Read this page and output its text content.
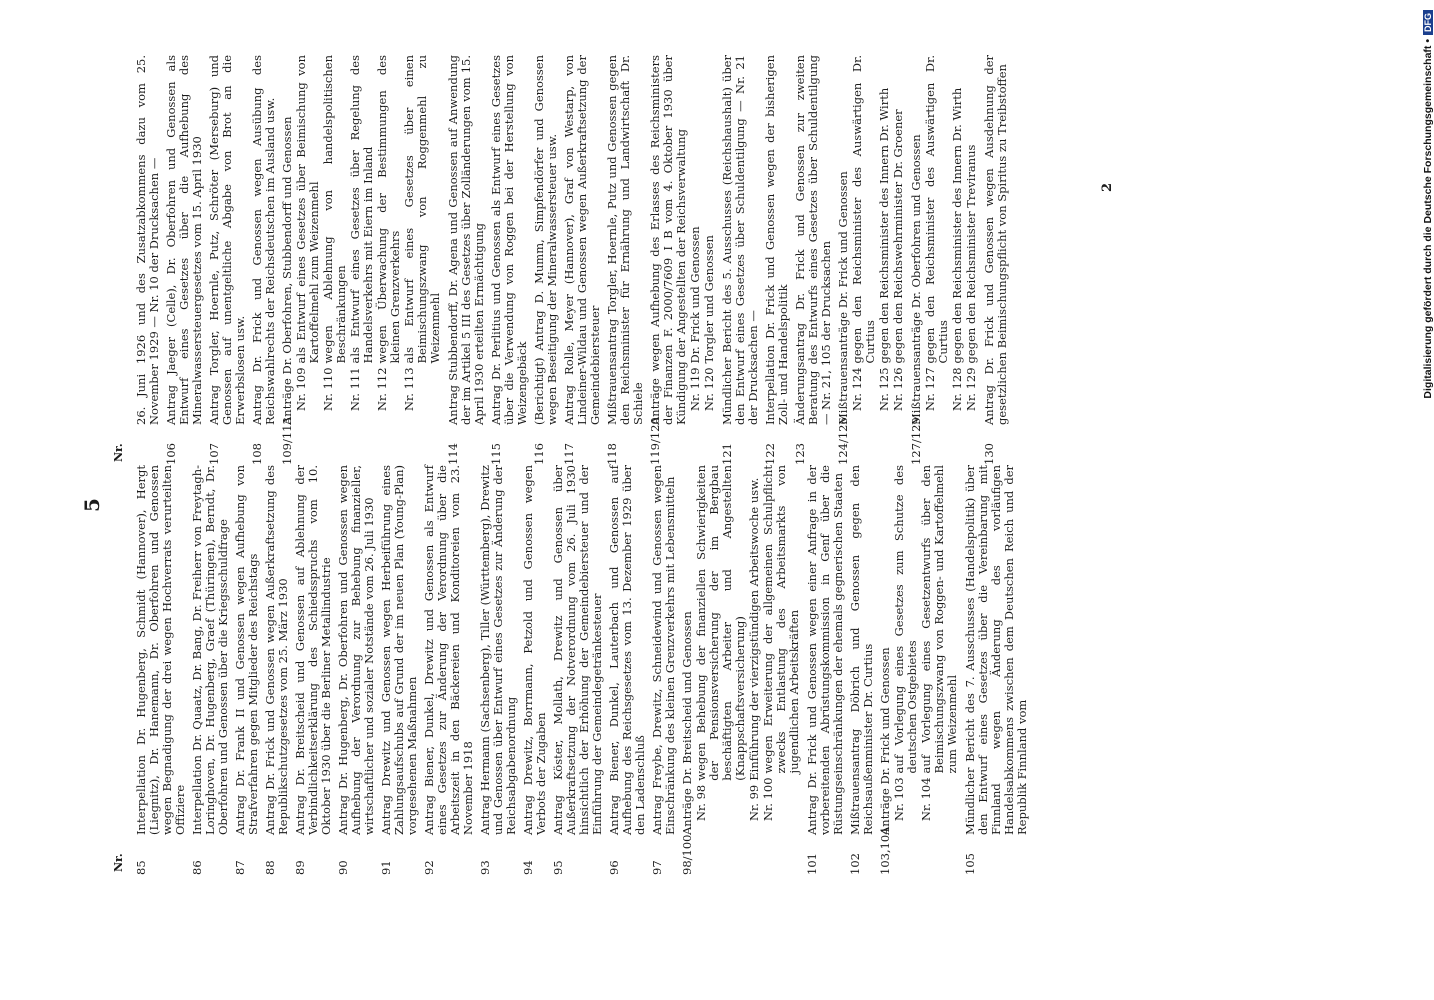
5
Nr.
Nr.
85
Interpellation Dr. Hugenberg, Schmidt (Hannover), Hergt (Liegnitz), Dr. Hanemann, Dr. Oberfohren und Genossen wegen Begnadigung der drei wegen Hochverrats verurteilten Offiziere
86
Interpellation Dr. Quaatz, Dr. Bang, Dr. Freiherr von Freytagh-Loringhoven, Dr. Hugenberg, Graef (Thüringen), Berndt, Dr. Oberfohren und Genossen über die Kriegsschuldfrage
87
Antrag Dr. Frank II und Genossen wegen Aufhebung von Strafverfahren gegen Mitglieder des Reichstags
88
Antrag Dr. Frick und Genossen wegen Außerkraftsetzung des Republikschutzgesetzes vom 25. März 1930
89
Antrag Dr. Breitscheid und Genossen auf Ablehnung der Verbindlichkeitserklärung des Schiedsspruchs vom 10. Oktober 1930 über die Berliner Metallindustrie
90
Antrag Dr. Hugenberg, Dr. Oberfohren und Genossen wegen Aufhebung der Verordnung zur Behebung finanzieller, wirtschaftlicher und sozialer Notstände vom 26. Juli 1930
91
Antrag Drewitz und Genossen wegen Herbeiführung eines Zahlungsaufschubs auf Grund der im neuen Plan (Young-Plan) vorgesehenen Maßnahmen
92
Antrag Biener, Dunkel, Drewitz und Genossen als Entwurf eines Gesetzes zur Änderung der Verordnung über die Arbeitszeit in den Bäckereien und Konditoreien vom 23. November 1918
93
Antrag Hermann (Sachsenberg), Tiller (Württemberg), Drewitz und Genossen über Entwurf eines Gesetzes zur Änderung der Reichsabgabenordnung
94
Antrag Drewitz, Borrmann, Petzold und Genossen wegen Verbots der Zugaben
95
Antrag Köster, Mollath, Drewitz und Genossen über Außerkraftsetzung der Notverordnung vom 26. Juli 1930 hinsichtlich der Erhöhung der Gemeindebiersteuer und der Einführung der Gemeindegetränkesteuer
96
Antrag Biener, Dunkel, Lauterbach und Genossen auf Aufhebung des Reichsgesetzes vom 13. Dezember 1929 über den Ladenschluß
97
Antrag Freybe, Drewitz, Schneidewind und Genossen wegen Einschränkung des kleinen Grenzverkehrs mit Lebensmitteln
98/100
Anträge Dr. Breitscheid und Genossen Nr. 98
wegen Behebung der finanziellen Schwierigkeiten der Pensionsversicherung der im Bergbau beschäftigten Arbeiter und Angestellten (Knappschaftsversicherung)
Nr. 99
Einführung der vierzigstündigen Arbeitswoche usw.
Nr. 100
wegen Erweiterung der allgemeinen Schulpflicht zwecks Entlastung des Arbeitsmarkts von jugendlichen Arbeitskräften
101
Antrag Dr. Frick und Genossen wegen einer Anfrage in der vorbereitenden Abrüstungskommission in Genf über die Rüstungseinschränkungen der ehemals gegnerischen Staaten
102
Mißtrauensantrag Döbrich und Genossen gegen den Reichsaußenminister Dr. Curtius
103,104
Anträge Dr. Frick und Genossen Nr. 103
auf Vorlegung eines Gesetzes zum Schutze des deutschen Ostgebietes
Nr. 104
auf Vorlegung eines Gesetzentwurfs über den Beimischungszwang von Roggen- und Kartoffelmehl zum Weizenmehl
105
Mündlicher Bericht des 7. Ausschusses (Handelspolitik) über den Entwurf eines Gesetzes über die Vereinbarung mit Finnland wegen Änderung des vorläufigen Handelsabkommens zwischen dem Deutschen Reich und der Republik Finnland vom
26. Juni 1926 und des Zusatzabkommens dazu vom 25. November 1929 — Nr. 10 der Drucksachen —
106
Antrag Jaeger (Celle), Dr. Oberfohren und Genossen als Entwurf eines Gesetzes über die Aufhebung des Mineralwassersteuergesetzes vom 15. April 1930
107
Antrag Torgler, Hoernle, Putz, Schröter (Merseburg) und Genossen auf unentgeltliche Abgabe von Brot an die Erwerbslosen usw.
108
Antrag Dr. Frick und Genossen wegen Ausübung des Reichswahlrechts der Reichsdeutschen im Ausland usw.
109/113
Anträge Dr. Oberfohren, Stubbendorff und Genossen Nr. 109
als Entwurf eines Gesetzes über Beimischung von Kartoffelmehl zum Weizenmehl
Nr. 110
wegen Ablehnung von handelspolitischen Beschränkungen
Nr. 111
als Entwurf eines Gesetzes über Regelung des Handelsverkehrs mit Eiern im Inland
Nr. 112
wegen Überwachung der Bestimmungen des kleinen Grenzverkehrs
Nr. 113
als Entwurf eines Gesetzes über einen Beimischungszwang von Roggenmehl zu Weizenmehl
114
Antrag Stubbendorff, Dr. Agena und Genossen auf Anwendung der im Artikel 5 III des Gesetzes über Zolländerungen vom 15. April 1930 erteilten Ermächtigung
115
Antrag Dr. Perlitius und Genossen als Entwurf eines Gesetzes über die Verwendung von Roggen bei der Herstellung von Weizengebäck
116
(Berichtigt) Antrag D. Mumm, Simpfendörfer und Genossen wegen Beseitigung der Mineralwassersteuer usw.
117
Antrag Rolle, Meyer (Hannover), Graf von Westarp, von Lindeiner-Wildau und Genossen wegen Außerkraftsetzung der Gemeindebiersteuer
118
Mißtrauensantrag Torgler, Hoernle, Putz und Genossen gegen den Reichsminister für Ernährung und Landwirtschaft Dr. Schiele
119/120
Anträge wegen Aufhebung des Erlasses des Reichsministers der Finanzen F. 2000/7609 I B vom 4. Oktober 1930 über Kündigung der Angestellten der Reichsverwaltung Nr. 119
Dr. Frick und Genossen
Nr. 120
Torgler und Genossen
121
Mündlicher Bericht des 5. Ausschusses (Reichshaushalt) über den Entwurf eines Gesetzes über Schuldentilgung — Nr. 21 der Drucksachen —
122
Interpellation Dr. Frick und Genossen wegen der bisherigen Zoll- und Handelspolitik
123
Änderungsantrag Dr. Frick und Genossen zur zweiten Beratung des Entwurfs eines Gesetzes über Schuldentilgung — Nr. 21, 105 der Drucksachen
124/126
Mißtrauensanträge Dr. Frick und Genossen Nr. 124
gegen den Reichsminister des Auswärtigen Dr. Curtius
Nr. 125
gegen den Reichsminister des Innern Dr. Wirth
Nr. 126
gegen den Reichswehrminister Dr. Groener
127/129
Mißtrauensanträge Dr. Oberfohren und Genossen Nr. 127
gegen den Reichsminister des Auswärtigen Dr. Curtius
Nr. 128
gegen den Reichsminister des Innern Dr. Wirth
Nr. 129
gegen den Reichsminister Treviranus
130
Antrag Dr. Frick und Genossen wegen Ausdehnung der gesetzlichen Beimischungspflicht von Spiritus zu Treibstoffen	2	Digitalisierung gefördert durch die Deutsche Forschungsgemeinschaft •
DFG
